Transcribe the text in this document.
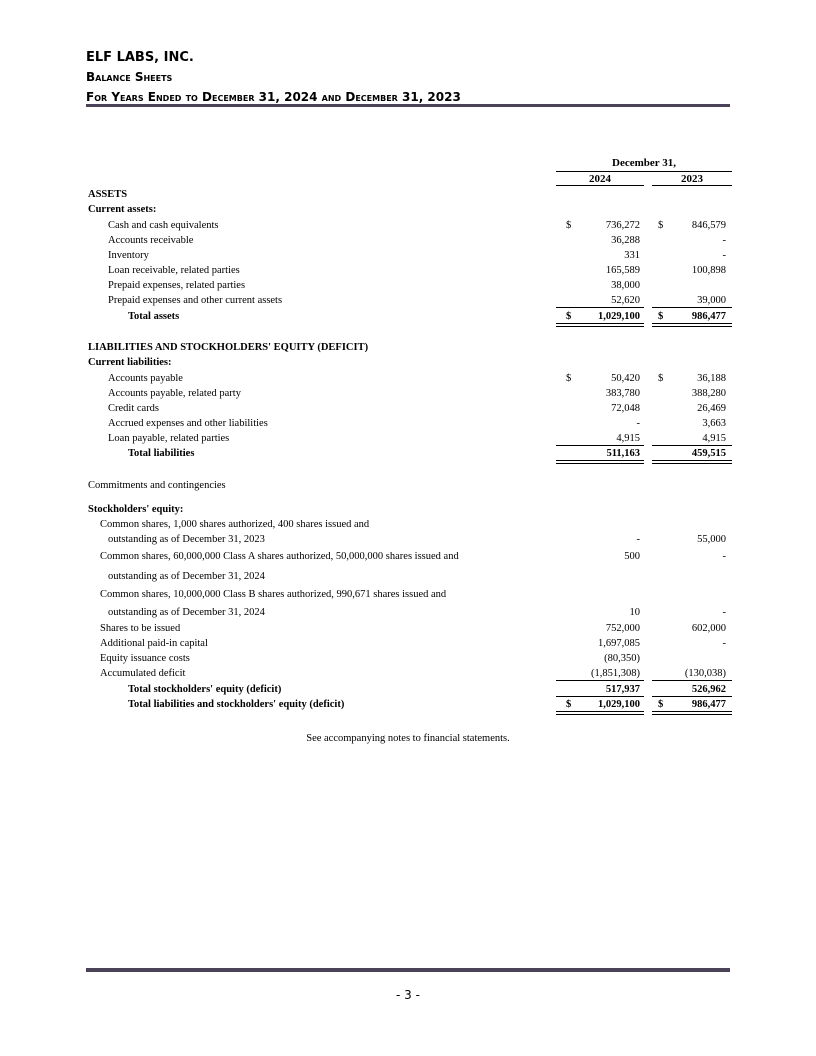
ELF LABS, INC.
Balance Sheets
For Years Ended to December 31, 2024 and December 31, 2023
December 31,
2024	2023
ASSETS
Current assets:
Cash and cash equivalents	$	736,272 $	846,579
Accounts receivable	36,288	-
Inventory	331	-
Loan receivable, related parties	165,589	100,898
Prepaid expenses, related parties	38,000
Prepaid expenses and other current assets	52,620	39,000
Total assets	$	1,029,100 $	986,477
LIABILITIES AND STOCKHOLDERS' EQUITY (DEFICIT)
Current liabilities:
Accounts payable	$	50,420 $	36,188
Accounts payable, related party	383,780	388,280
Credit cards	72,048	26,469
Accrued expenses and other liabilities	-	3,663
Loan payable, related parties	4,915	4,915
Total liabilities	511,163	459,515
Commitments and contingencies
Stockholders' equity:
Common shares, 1,000 shares authorized, 400 shares issued and
outstanding as of December 31, 2023	-	55,000
Common shares, 60,000,000 Class A shares authorized, 50,000,000 shares issued and	500	-
outstanding as of December 31, 2024
Common shares, 10,000,000 Class B shares authorized, 990,671 shares issued and
outstanding as of December 31, 2024	10	-
Shares to be issued	752,000	602,000
Additional paid-in capital	1,697,085	-
Equity issuance costs	(80,350)
Accumulated deficit	(1,851,308)	(130,038)
Total stockholders' equity (deficit)	517,937	526,962
Total liabilities and stockholders' equity (deficit)	$	1,029,100 $	986,477
See accompanying notes to financial statements.
- 3 -
